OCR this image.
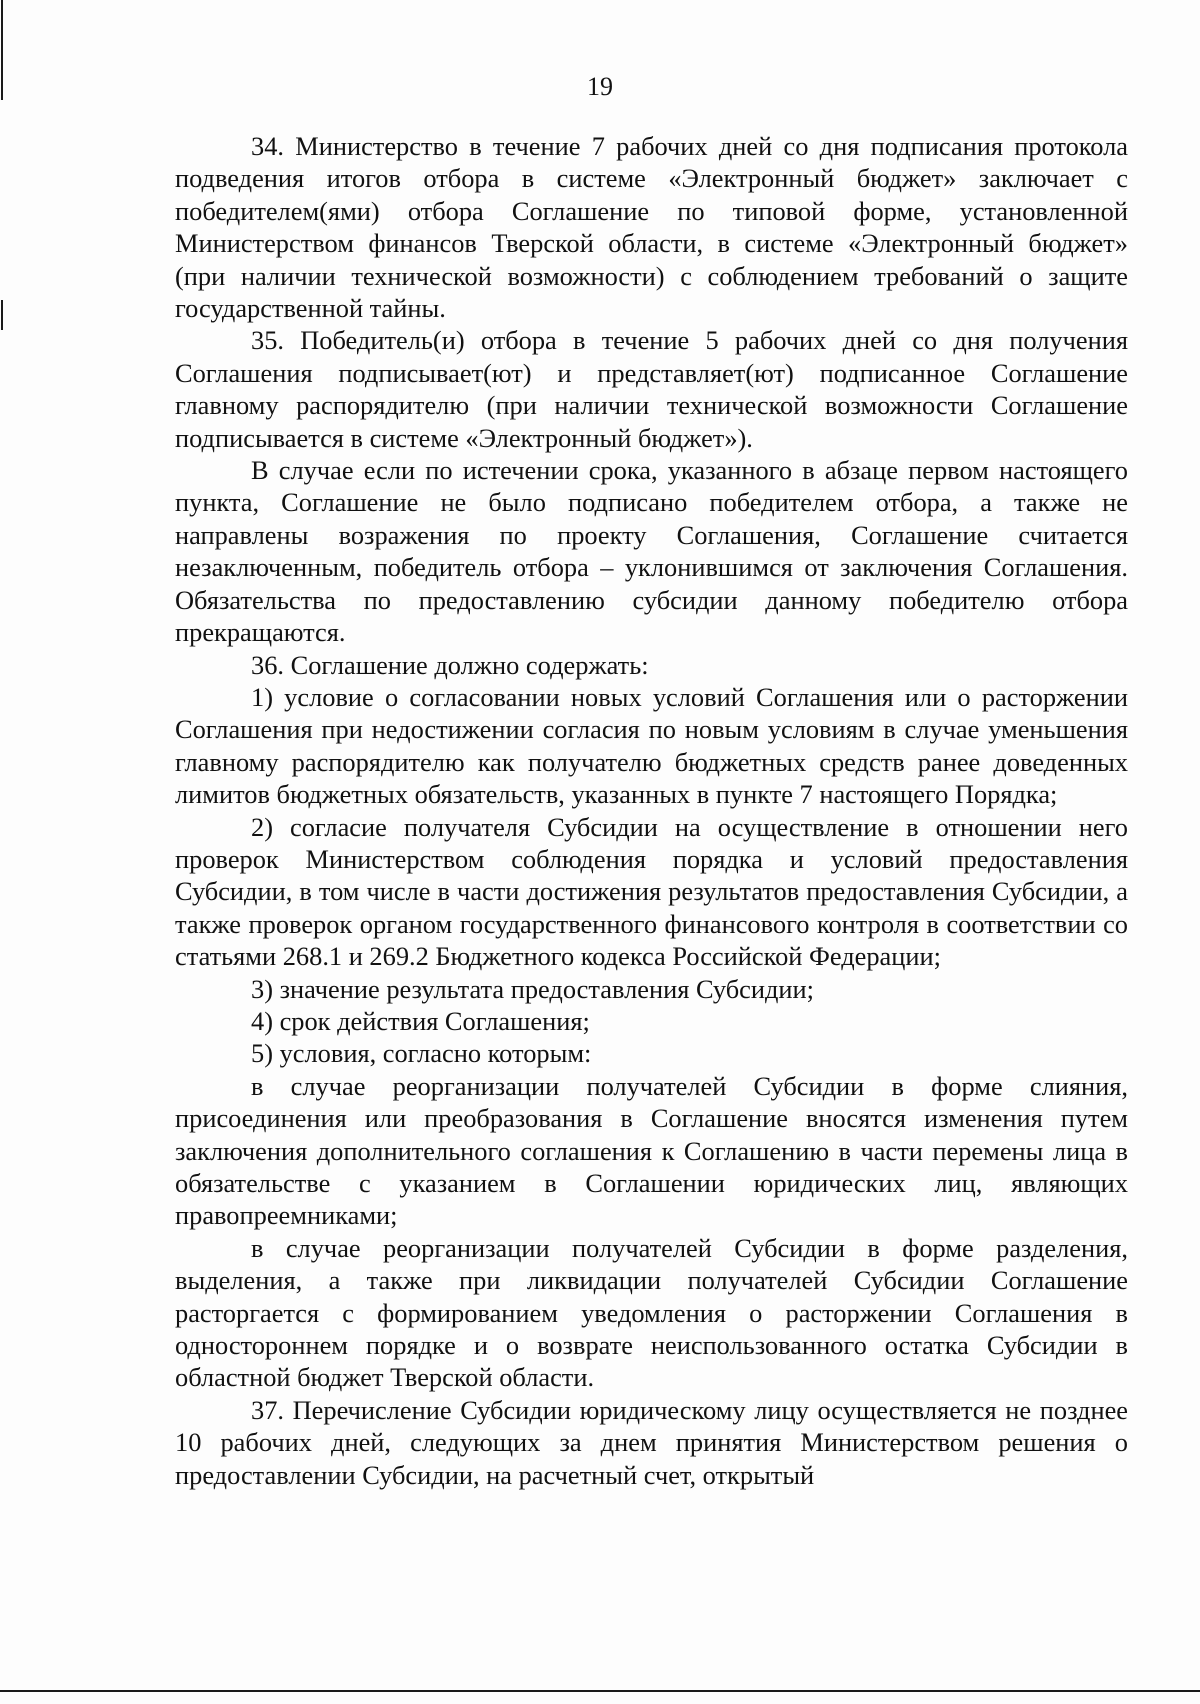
19

34. Министерство в течение 7 рабочих дней со дня подписания протокола подведения итогов отбора в системе «Электронный бюджет» заключает с победителем(ями) отбора Соглашение по типовой форме, установленной Министерством финансов Тверской области, в системе «Электронный бюджет» (при наличии технической возможности) с соблюдением требований о защите государственной тайны.

35. Победитель(и) отбора в течение 5 рабочих дней со дня получения Соглашения подписывает(ют) и представляет(ют) подписанное Соглашение главному распорядителю (при наличии технической возможности Соглашение подписывается в системе «Электронный бюджет»).

В случае если по истечении срока, указанного в абзаце первом настоящего пункта, Соглашение не было подписано победителем отбора, а также не направлены возражения по проекту Соглашения, Соглашение считается незаключенным, победитель отбора – уклонившимся от заключения Соглашения. Обязательства по предоставлению субсидии данному победителю отбора прекращаются.

36. Соглашение должно содержать:

1) условие о согласовании новых условий Соглашения или о расторжении Соглашения при недостижении согласия по новым условиям в случае уменьшения главному распорядителю как получателю бюджетных средств ранее доведенных лимитов бюджетных обязательств, указанных в пункте 7 настоящего Порядка;

2) согласие получателя Субсидии на осуществление в отношении него проверок Министерством соблюдения порядка и условий предоставления Субсидии, в том числе в части достижения результатов предоставления Субсидии, а также проверок органом государственного финансового контроля в соответствии со статьями 268.1 и 269.2 Бюджетного кодекса Российской Федерации;

3) значение результата предоставления Субсидии;

4) срок действия Соглашения;

5) условия, согласно которым:

в случае реорганизации получателей Субсидии в форме слияния, присоединения или преобразования в Соглашение вносятся изменения путем заключения дополнительного соглашения к Соглашению в части перемены лица в обязательстве с указанием в Соглашении юридических лиц, являющих правопреемниками;

в случае реорганизации получателей Субсидии в форме разделения, выделения, а также при ликвидации получателей Субсидии Соглашение расторгается с формированием уведомления о расторжении Соглашения в одностороннем порядке и о возврате неиспользованного остатка Субсидии в областной бюджет Тверской области.

37. Перечисление Субсидии юридическому лицу осуществляется не позднее 10 рабочих дней, следующих за днем принятия Министерством решения о предоставлении Субсидии, на расчетный счет, открытый
